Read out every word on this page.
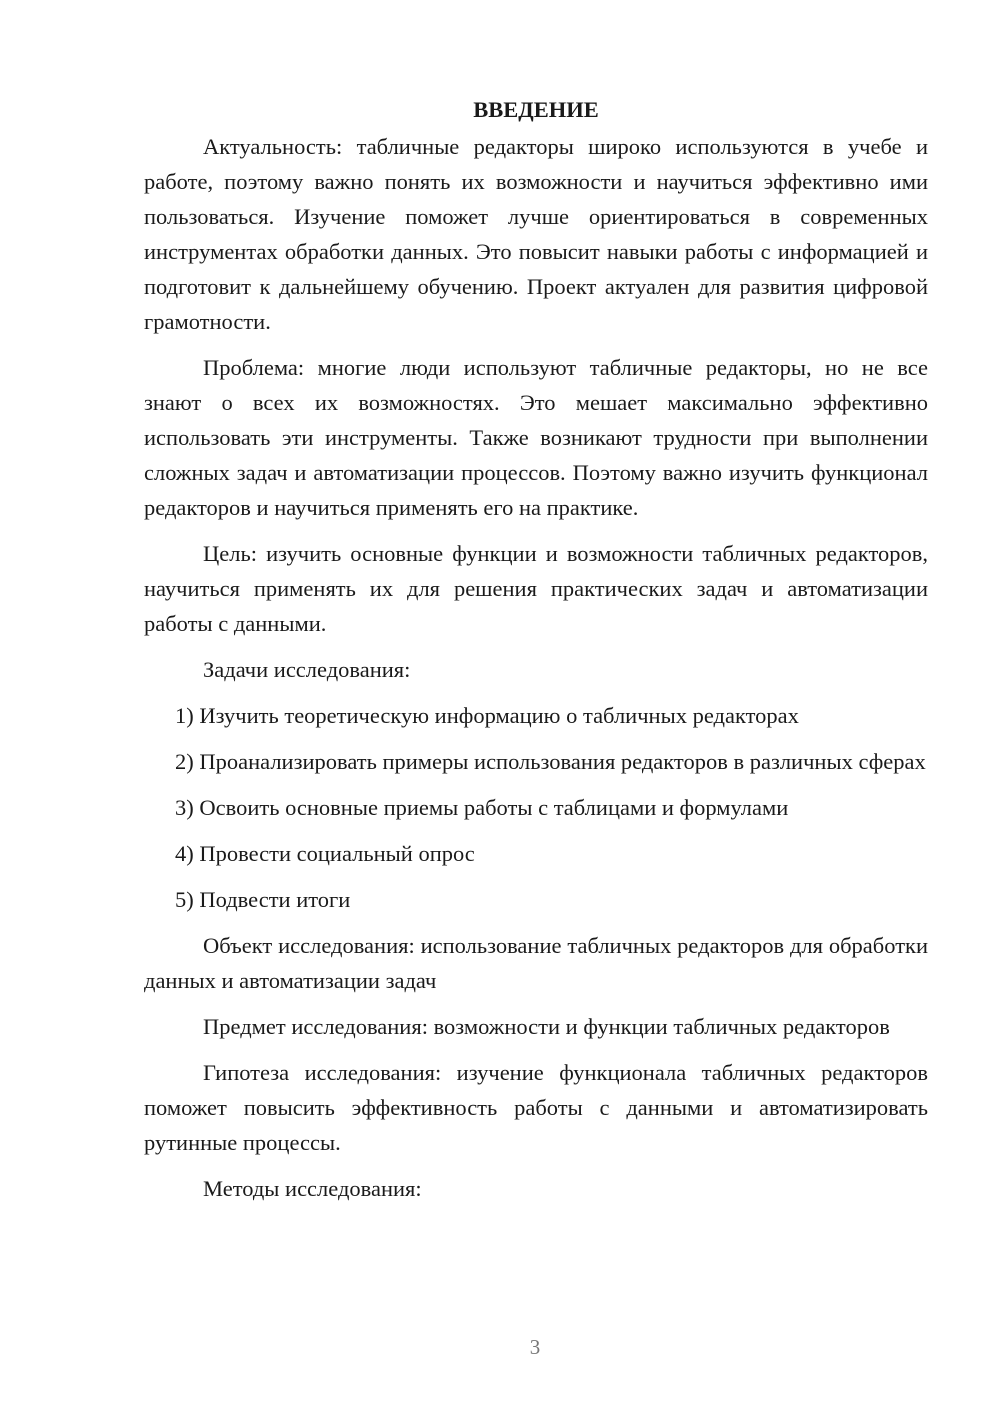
ВВЕДЕНИЕ

Актуальность: табличные редакторы широко используются в учебе и работе, поэтому важно понять их возможности и научиться эффективно ими пользоваться. Изучение поможет лучше ориентироваться в современных инструментах обработки данных. Это повысит навыки работы с информацией и подготовит к дальнейшему обучению. Проект актуален для развития цифровой грамотности.

Проблема: многие люди используют табличные редакторы, но не все знают о всех их возможностях. Это мешает максимально эффективно использовать эти инструменты. Также возникают трудности при выполнении сложных задач и автоматизации процессов. Поэтому важно изучить функционал редакторов и научиться применять его на практике.

Цель: изучить основные функции и возможности табличных редакторов, научиться применять их для решения практических задач и автоматизации работы с данными.

Задачи исследования:

1) Изучить теоретическую информацию о табличных редакторах

2) Проанализировать примеры использования редакторов в различных сферах

3) Освоить основные приемы работы с таблицами и формулами

4) Провести социальный опрос

5) Подвести итоги

Объект исследования: использование табличных редакторов для обработки данных и автоматизации задач

Предмет исследования: возможности и функции табличных редакторов

Гипотеза исследования: изучение функционала табличных редакторов поможет повысить эффективность работы с данными и автоматизировать рутинные процессы.

Методы исследования:

3
